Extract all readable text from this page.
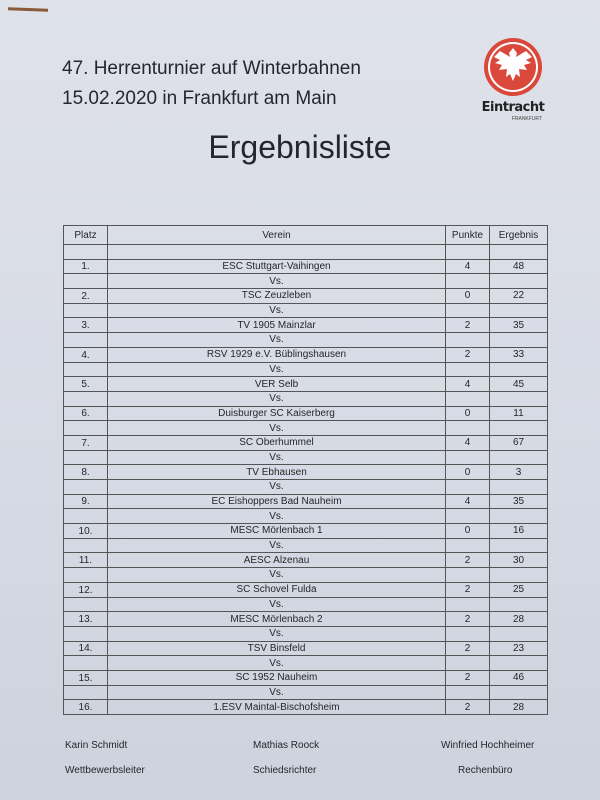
47. Herrenturnier auf Winterbahnen
15.02.2020 in Frankfurt am Main
Ergebnisliste
Eintracht
FRANKFURT
Platz	Verein	Punkte	Ergebnis

1.	ESC Stuttgart-Vaihingen	4	48
	Vs.		
2.	TSC Zeuzleben	0	22
	Vs.		
3.	TV 1905 Mainzlar	2	35
	Vs.		
4.	RSV 1929 e.V. Büblingshausen	2	33
	Vs.		
5.	VER Selb	4	45
	Vs.		
6.	Duisburger SC Kaiserberg	0	11
	Vs.		
7.	SC Oberhummel	4	67
	Vs.		
8.	TV Ebhausen	0	3
	Vs.		
9.	EC Eishoppers Bad Nauheim	4	35
	Vs.		
10.	MESC Mörlenbach 1	0	16
	Vs.		
11.	AESC Alzenau	2	30
	Vs.		
12.	SC Schovel Fulda	2	25
	Vs.		
13.	MESC Mörlenbach 2	2	28
	Vs.		
14.	TSV Binsfeld	2	23
	Vs.		
15.	SC 1952 Nauheim	2	46
	Vs.		
16.	1.ESV Maintal-Bischofsheim	2	28
Karin Schmidt
Wettbewerbsleiter
Mathias Roock
Schiedsrichter
Winfried Hochheimer
Rechenbüro
